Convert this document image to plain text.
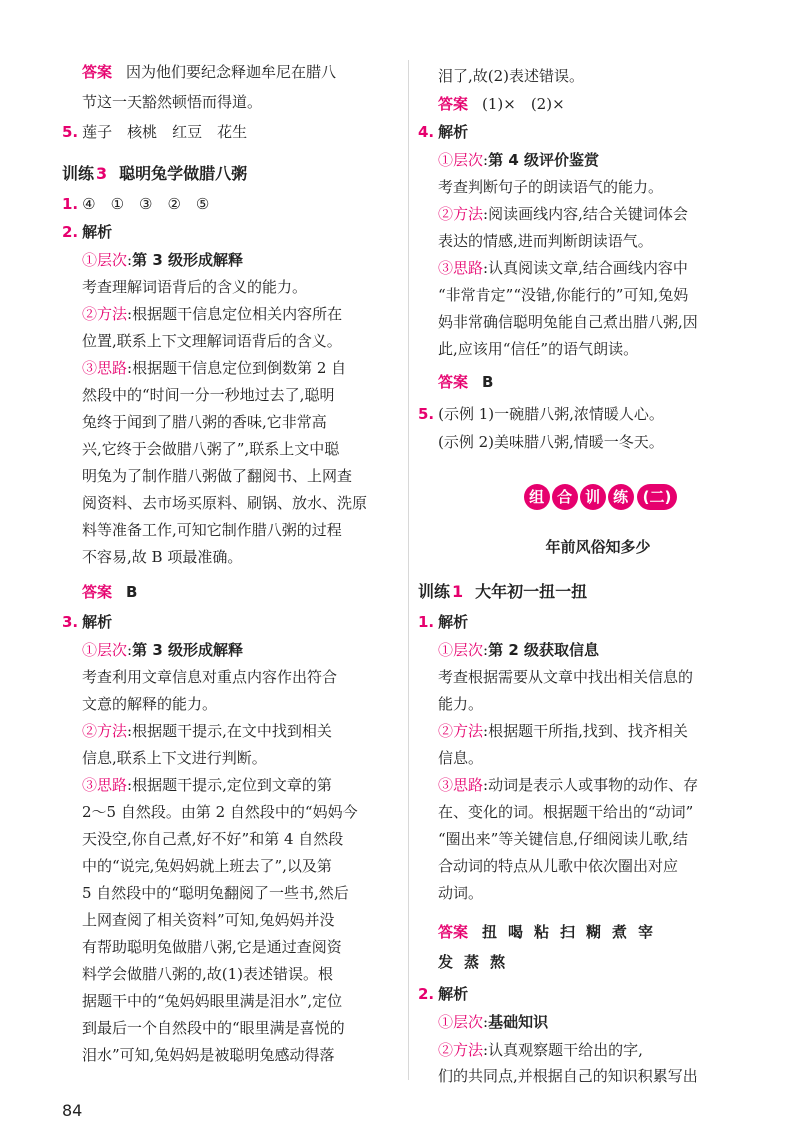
答案 因为他们要纪念释迦牟尼在腊八
节这一天豁然顿悟而得道。
5. 莲子　核桃　红豆　花生
训练 3 聪明兔学做腊八粥
1. ④　①　③　②　⑤
2. 解析
①层次:第 3 级形成解释
考查理解词语背后的含义的能力。
②方法:根据题干信息定位相关内容所在
位置,联系上下文理解词语背后的含义。
③思路:根据题干信息定位到倒数第 2 自
然段中的“时间一分一秒地过去了,聪明
兔终于闻到了腊八粥的香味,它非常高
兴,它终于会做腊八粥了”,联系上文中聪
明兔为了制作腊八粥做了翻阅书、上网查
阅资料、去市场买原料、刷锅、放水、洗原
料等准备工作,可知它制作腊八粥的过程
不容易,故 B 项最准确。
答案 B
3. 解析
①层次:第 3 级形成解释
考查利用文章信息对重点内容作出符合
文意的解释的能力。
②方法:根据题干提示,在文中找到相关
信息,联系上下文进行判断。
③思路:根据题干提示,定位到文章的第
2～5 自然段。由第 2 自然段中的“妈妈今
天没空,你自己煮,好不好”和第 4 自然段
中的“说完,兔妈妈就上班去了”,以及第
5 自然段中的“聪明兔翻阅了一些书,然后
上网查阅了相关资料”可知,兔妈妈并没
有帮助聪明兔做腊八粥,它是通过查阅资
料学会做腊八粥的,故(1)表述错误。根
据题干中的“兔妈妈眼里满是泪水”,定位
到最后一个自然段中的“眼里满是喜悦的
泪水”可知,兔妈妈是被聪明兔感动得落
泪了,故(2)表述错误。
答案 (1)×　(2)×
4. 解析
①层次:第 4 级评价鉴赏
考查判断句子的朗读语气的能力。
②方法:阅读画线内容,结合关键词体会
表达的情感,进而判断朗读语气。
③思路:认真阅读文章,结合画线内容中
“非常肯定”“没错,你能行的”可知,兔妈
妈非常确信聪明兔能自己煮出腊八粥,因
此,应该用“信任”的语气朗读。
答案 B
5. (示例 1)一碗腊八粥,浓情暖人心。
(示例 2)美味腊八粥,情暖一冬天。
组 合 训 练 (二)
年前风俗知多少
训练 1 大年初一扭一扭
1. 解析
①层次:第 2 级获取信息
考查根据需要从文章中找出相关信息的
能力。
②方法:根据题干所指,找到、找齐相关
信息。
③思路:动词是表示人或事物的动作、存
在、变化的词。根据题干给出的“动词”
“圈出来”等关键信息,仔细阅读儿歌,结
合动词的特点从儿歌中依次圈出对应
动词。
答案 扭喝粘扫糊煮宰
发蒸熬
2. 解析
①层次:基础知识
②方法:认真观察题干给出的字,
们的共同点,并根据自己的知识积累写出
84
